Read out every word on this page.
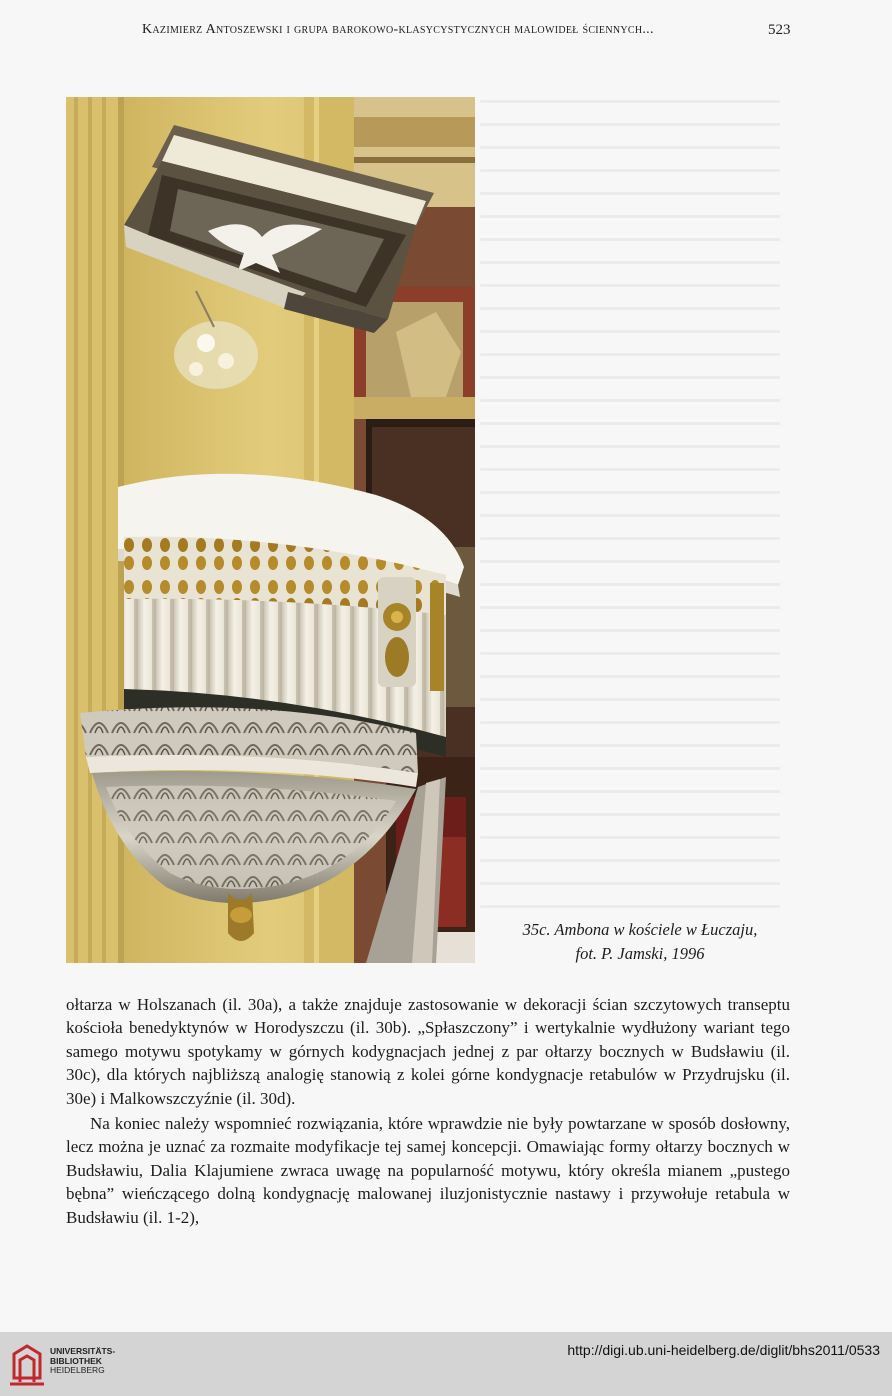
Kazimierz Antoszewski i grupa barokowo-klasycystycznych malowideł ściennych...	523
35c. Ambona w kościele w Łuczaju,
fot. P. Jamski, 1996

ołtarza w Holszanach (il. 30a), a także znajduje zastosowanie w dekoracji ścian szczytowych transeptu kościoła benedyktynów w Horodyszczu (il. 30b). „Spłaszczony” i wertykalnie wydłużony wariant tego samego motywu spotykamy w górnych kodygnacjach jednej z par ołtarzy bocznych w Budsławiu (il. 30c), dla których najbliższą analogię stanowią z kolei górne kondygnacje retabulów w Przydrujsku (il. 30e) i Malkowszczyźnie (il. 30d).

Na koniec należy wspomnieć rozwiązania, które wprawdzie nie były powtarzane w sposób dosłowny, lecz można je uznać za rozmaite modyfikacje tej samej koncepcji. Omawiając formy ołtarzy bocznych w Budsławiu, Dalia Klajumiene zwraca uwagę na popularność motywu, który określa mianem „pustego bębna” wieńczącego dolną kondygnację malowanej iluzjonistycznie nastawy i przywołuje retabula w Budsławiu (il. 1-2),

UNIVERSITÄTS-
BIBLIOTHEK
HEIDELBERG
http://digi.ub.uni-heidelberg.de/diglit/bhs2011/0533
